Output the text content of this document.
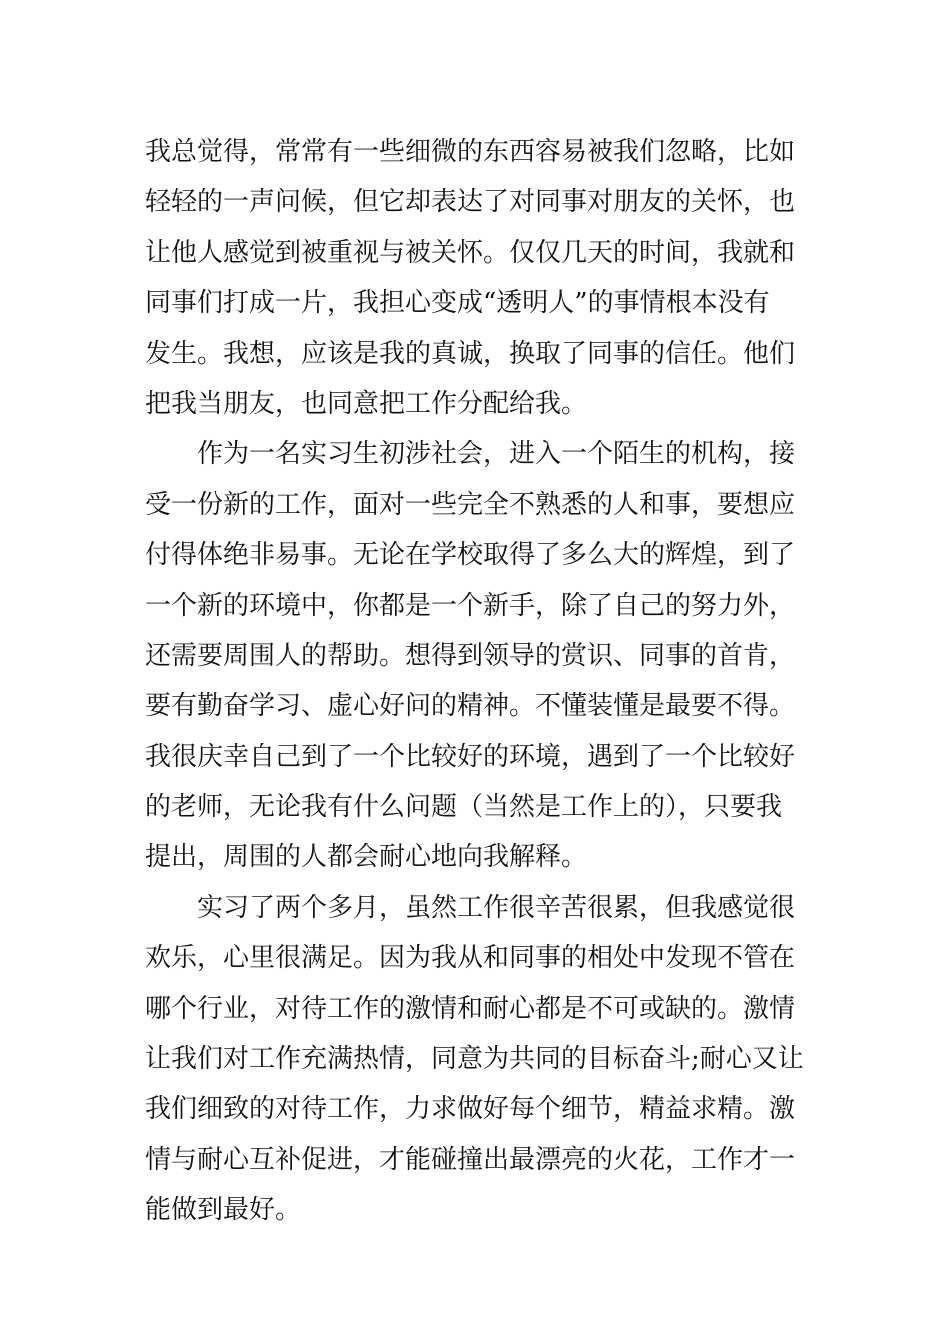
我总觉得，常常有一些细微的东西容易被我们忽略，比如
轻轻的一声问候，但它却表达了对同事对朋友的关怀，也
让他人感觉到被重视与被关怀。仅仅几天的时间，我就和
同事们打成一片，我担心变成“透明人”的事情根本没有
发生。我想，应该是我的真诚，换取了同事的信任。他们
把我当朋友，也同意把工作分配给我。
作为一名实习生初涉社会，进入一个陌生的机构，接
受一份新的工作，面对一些完全不熟悉的人和事，要想应
付得体绝非易事。无论在学校取得了多么大的辉煌，到了
一个新的环境中，你都是一个新手，除了自己的努力外，
还需要周围人的帮助。想得到领导的赏识、同事的首肯，
要有勤奋学习、虚心好问的精神。不懂装懂是最要不得。
我很庆幸自己到了一个比较好的环境，遇到了一个比较好
的老师，无论我有什么问题（当然是工作上的），只要我
提出，周围的人都会耐心地向我解释。
实习了两个多月，虽然工作很辛苦很累，但我感觉很
欢乐，心里很满足。因为我从和同事的相处中发现不管在
哪个行业，对待工作的激情和耐心都是不可或缺的。激情
让我们对工作充满热情，同意为共同的目标奋斗;耐心又让
我们细致的对待工作，力求做好每个细节，精益求精。激
情与耐心互补促进，才能碰撞出最漂亮的火花，工作才一
能做到最好。
